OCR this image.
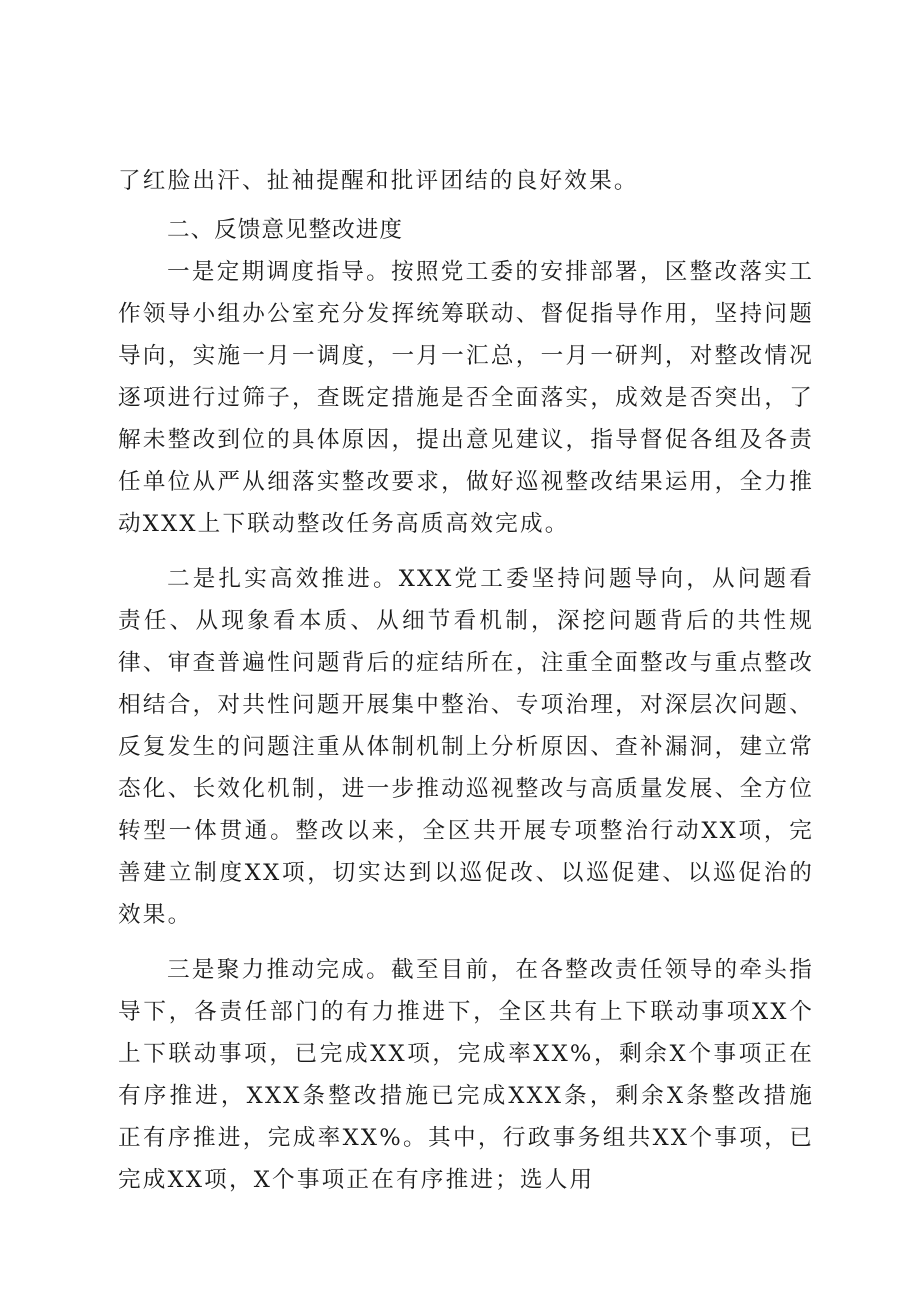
了红脸出汗、扯袖提醒和批评团结的良好效果。

二、反馈意见整改进度

一是定期调度指导。按照党工委的安排部署，区整改落实工作领导小组办公室充分发挥统筹联动、督促指导作用，坚持问题导向，实施一月一调度，一月一汇总，一月一研判，对整改情况逐项进行过筛子，查既定措施是否全面落实，成效是否突出，了解未整改到位的具体原因，提出意见建议，指导督促各组及各责任单位从严从细落实整改要求，做好巡视整改结果运用，全力推动XXX上下联动整改任务高质高效完成。

二是扎实高效推进。XXX党工委坚持问题导向，从问题看责任、从现象看本质、从细节看机制，深挖问题背后的共性规律、审查普遍性问题背后的症结所在，注重全面整改与重点整改相结合，对共性问题开展集中整治、专项治理，对深层次问题、反复发生的问题注重从体制机制上分析原因、查补漏洞，建立常态化、长效化机制，进一步推动巡视整改与高质量发展、全方位转型一体贯通。整改以来，全区共开展专项整治行动XX项，完善建立制度XX项，切实达到以巡促改、以巡促建、以巡促治的效果。

三是聚力推动完成。截至目前，在各整改责任领导的牵头指导下，各责任部门的有力推进下，全区共有上下联动事项XX个上下联动事项，已完成XX项，完成率XX%，剩余X个事项正在有序推进，XXX条整改措施已完成XXX条，剩余X条整改措施正有序推进，完成率XX%。其中，行政事务组共XX个事项，已完成XX项，X个事项正在有序推进；选人用
